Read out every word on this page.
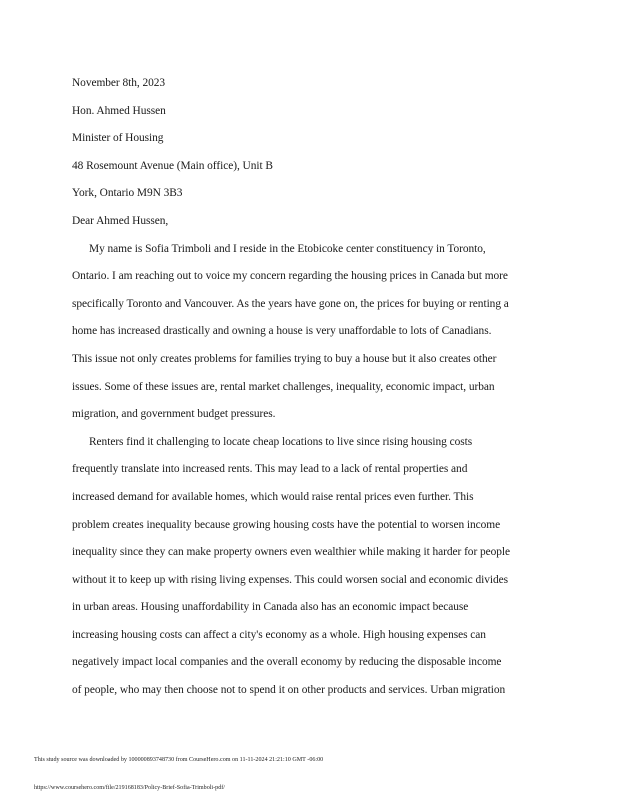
November 8th, 2023
Hon. Ahmed Hussen
Minister of Housing
48 Rosemount Avenue (Main office), Unit B
York, Ontario M9N 3B3
Dear Ahmed Hussen,
My name is Sofia Trimboli and I reside in the Etobicoke center constituency in Toronto,
Ontario. I am reaching out to voice my concern regarding the housing prices in Canada but more
specifically Toronto and Vancouver. As the years have gone on, the prices for buying or renting a
home has increased drastically and owning a house is very unaffordable to lots of Canadians.
This issue not only creates problems for families trying to buy a house but it also creates other
issues. Some of these issues are, rental market challenges, inequality, economic impact, urban
migration, and government budget pressures.
Renters find it challenging to locate cheap locations to live since rising housing costs
frequently translate into increased rents. This may lead to a lack of rental properties and
increased demand for available homes, which would raise rental prices even further. This
problem creates inequality because growing housing costs have the potential to worsen income
inequality since they can make property owners even wealthier while making it harder for people
without it to keep up with rising living expenses. This could worsen social and economic divides
in urban areas. Housing unaffordability in Canada also has an economic impact because
increasing housing costs can affect a city's economy as a whole. High housing expenses can
negatively impact local companies and the overall economy by reducing the disposable income
of people, who may then choose not to spend it on other products and services. Urban migration
This study source was downloaded by 100000893748730 from CourseHero.com on 11-11-2024 21:21:10 GMT -06:00
https://www.coursehero.com/file/219168183/Policy-Brief-Sofia-Trimboli-pdf/
